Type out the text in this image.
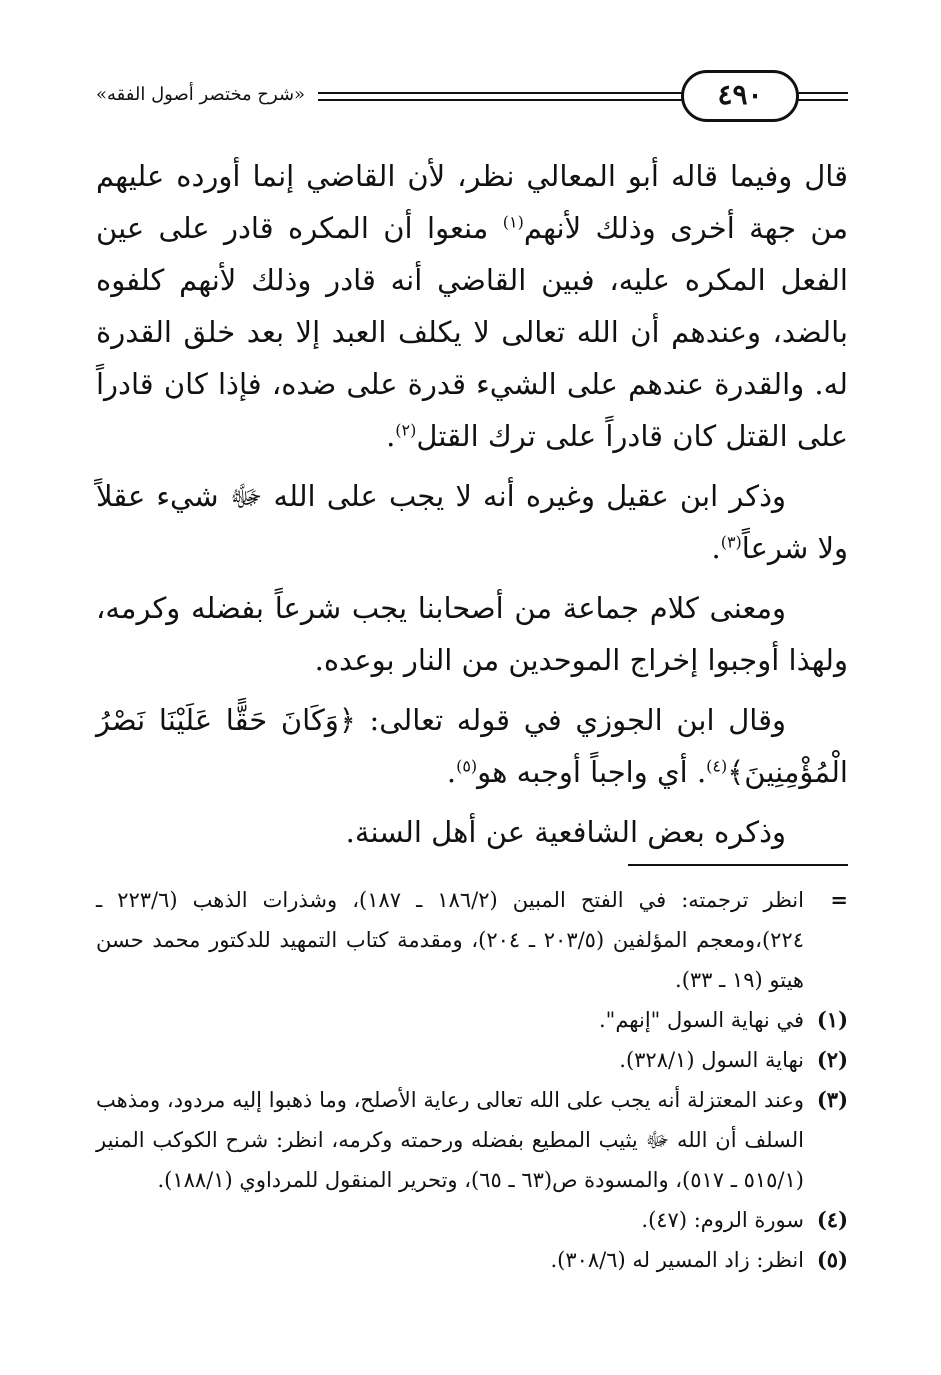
«شرح مختصر أصول الفقه»	٤٩٠

قال وفيما قاله أبو المعالي نظر، لأن القاضي إنما أورده عليهم من جهة أخرى وذلك لأنهم$^{(١)}$ منعوا أن المكره قادر على عين الفعل المكره عليه، فبين القاضي أنه قادر وذلك لأنهم كلفوه بالضد، وعندهم أن الله تعالى لا يكلف العبد إلا بعد خلق القدرة له. والقدرة عندهم على الشيء قدرة على ضده، فإذا كان قادراً على القتل كان قادراً على ترك القتل$^{(٢)}$.

وذكر ابن عقيل وغيره أنه لا يجب على الله ﷻ شيء عقلاً ولا شرعاً$^{(٣)}$.

ومعنى كلام جماعة من أصحابنا يجب شرعاً بفضله وكرمه، ولهذا أوجبوا إخراج الموحدين من النار بوعده.

وقال ابن الجوزي في قوله تعالى: ﴿وَكَانَ حَقًّا عَلَيْنَا نَصْرُ الْمُؤْمِنِينَ﴾$^{(٤)}$. أي واجباً أوجبه هو$^{(٥)}$.

وذكره بعض الشافعية عن أهل السنة.

=
انظر ترجمته: في الفتح المبين (١٨٦/٢ ـ ١٨٧)، وشذرات الذهب (٢٢٣/٦ ـ ٢٢٤)،ومعجم المؤلفين (٢٠٣/٥ ـ ٢٠٤)، ومقدمة كتاب التمهيد للدكتور محمد حسن هيتو (١٩ ـ ٣٣).
(١)
في نهاية السول "إنهم".
(٢)
نهاية السول (٣٢٨/١).
(٣)
وعند المعتزلة أنه يجب على الله تعالى رعاية الأصلح، وما ذهبوا إليه مردود، ومذهب السلف أن الله ﷻ يثيب المطيع بفضله ورحمته وكرمه، انظر: شرح الكوكب المنير (٥١٥/١ ـ ٥١٧)، والمسودة ص(٦٣ ـ ٦٥)، وتحرير المنقول للمرداوي (١٨٨/١).
(٤)
سورة الروم: (٤٧).
(٥)
انظر: زاد المسير له (٣٠٨/٦).
